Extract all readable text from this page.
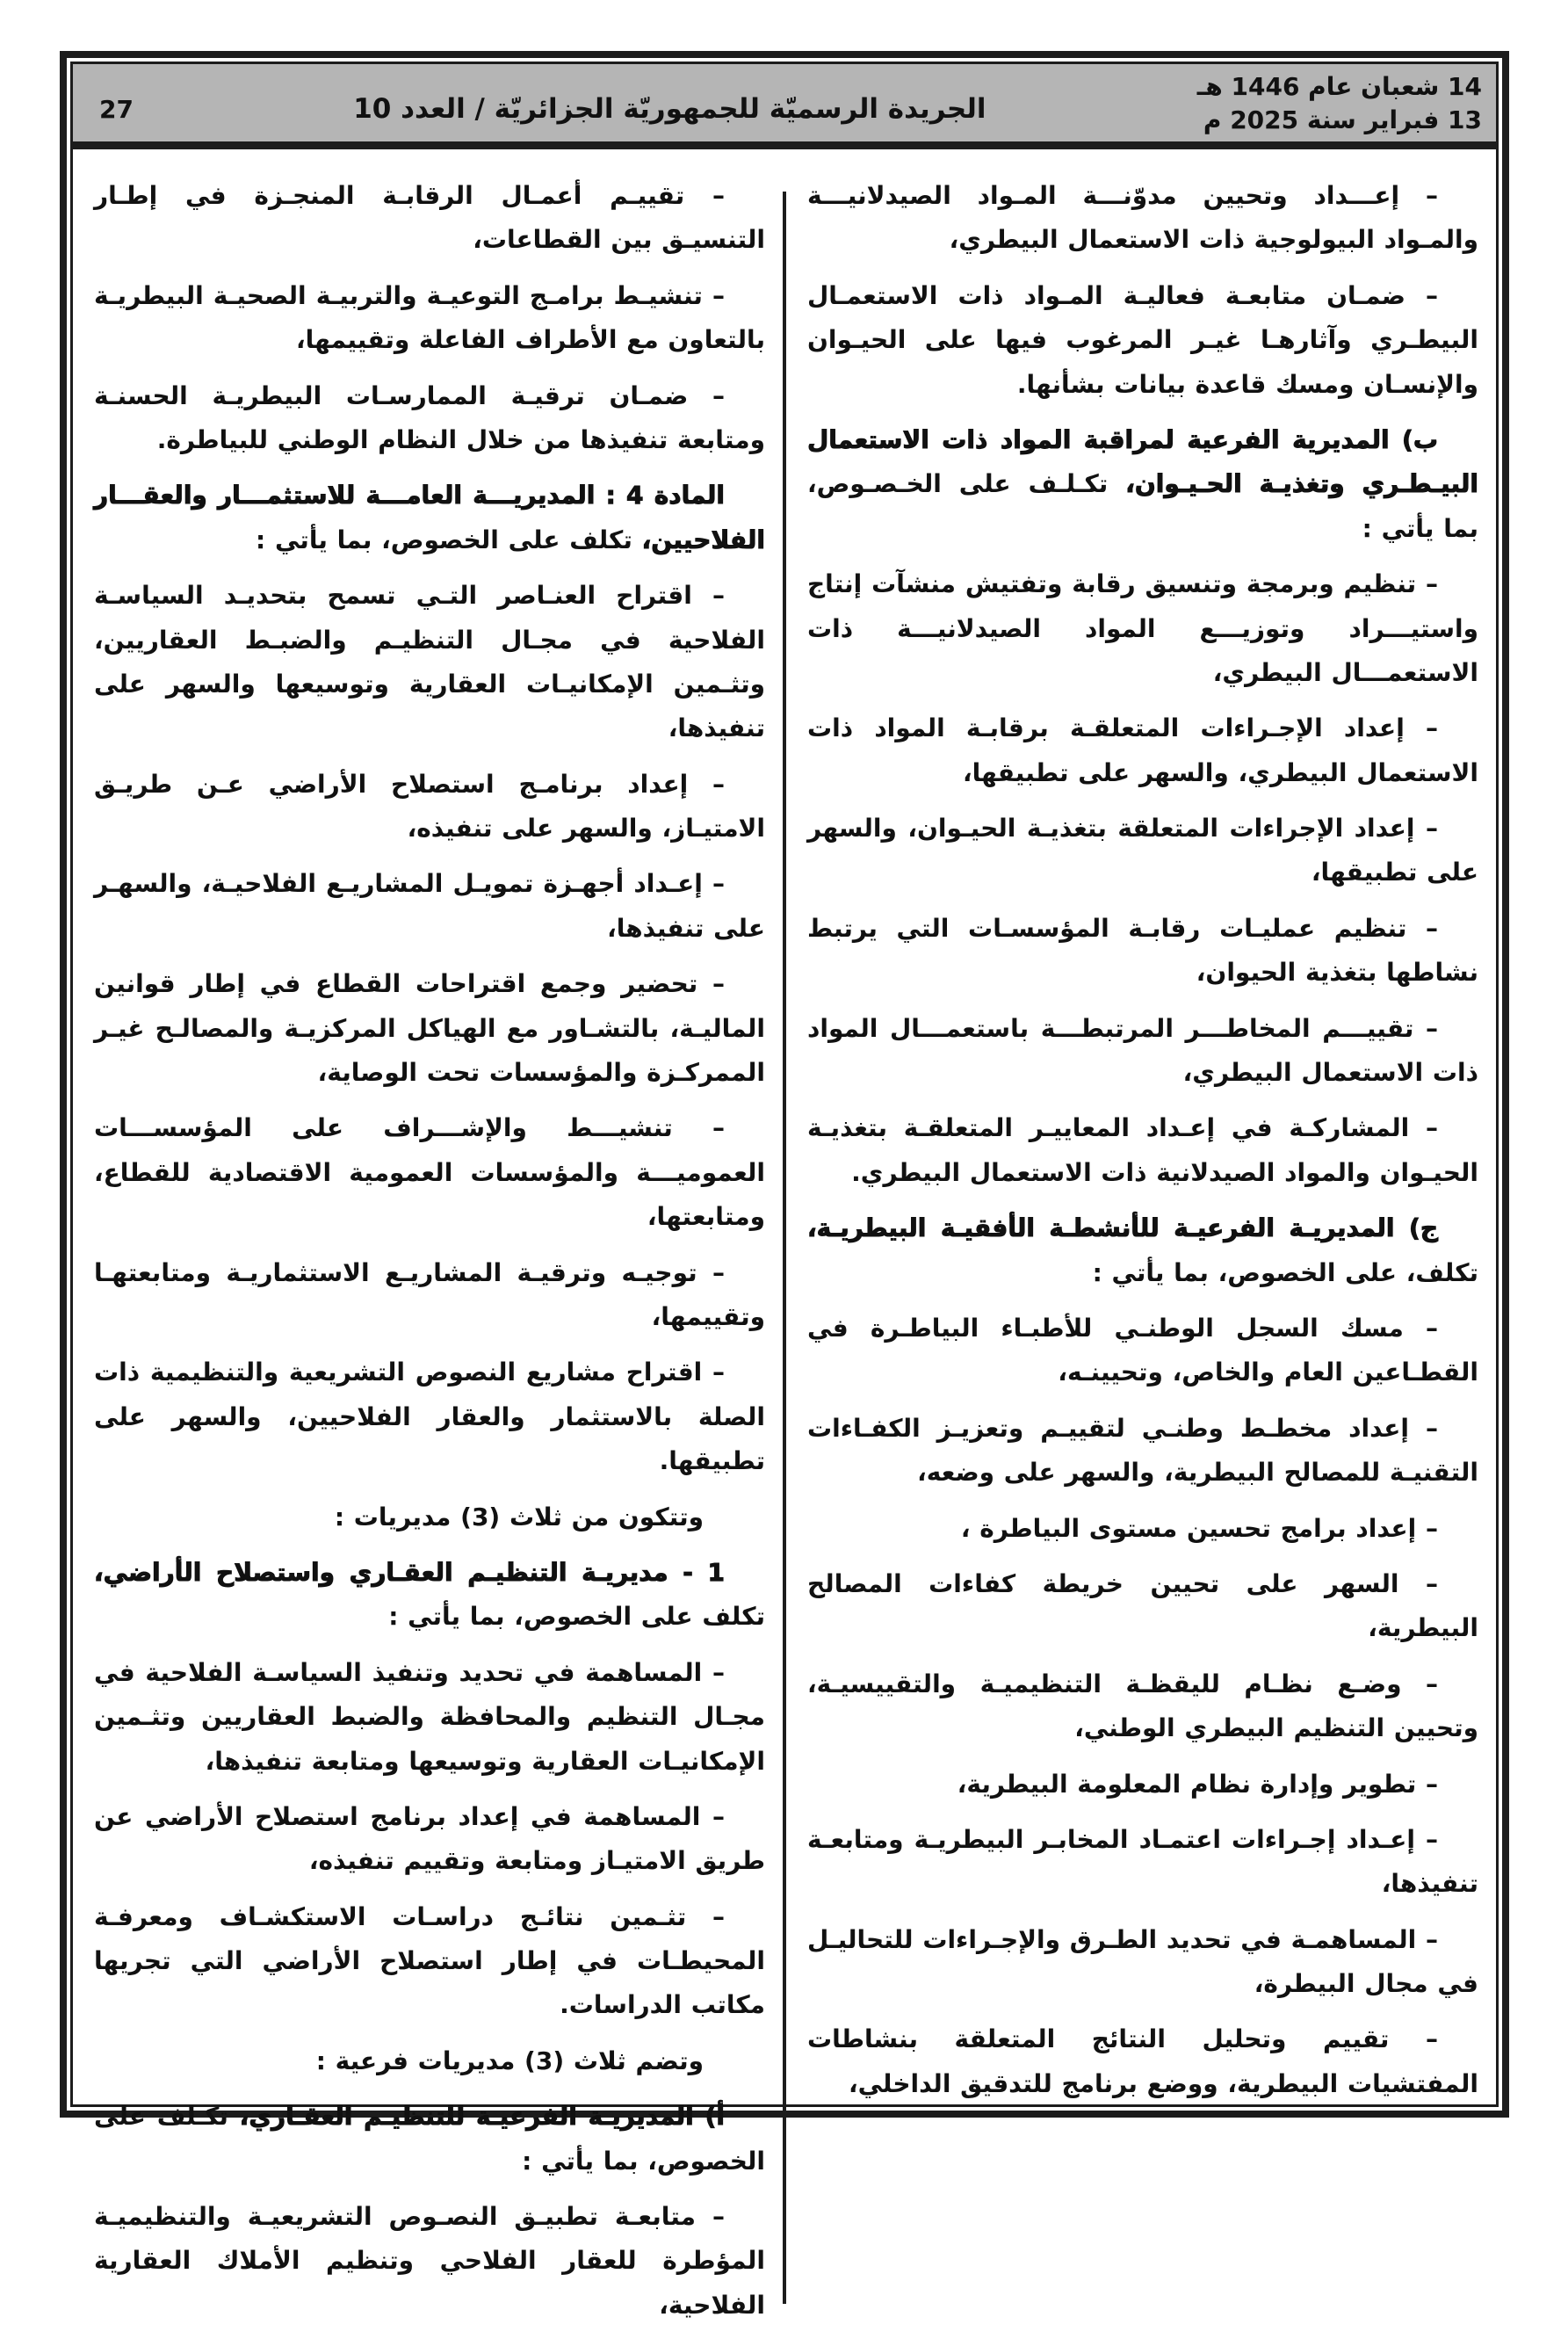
14 شعبان عام 1446 هـ
13 فبراير سنة 2025 م
الجريدة الرسميّة للجمهوريّة الجزائريّة / العدد 10
27

– إعـــداد وتحيين مدوّنـــة المـواد الصيدلانيـــة والمـواد البيولوجية ذات الاستعمال البيطري،

– ضمـان متابعـة فعاليـة المـواد ذات الاستعمـال البيطـري وآثارهـا غيـر المرغوب فيها على الحيـوان والإنسـان ومسك قاعدة بيانات بشأنها.

ب) المديرية الفرعية لمراقبة المواد ذات الاستعمال البيـطـري وتغذيـة الحـيـوان، تكـلـف على الخـصـوص، بما يأتي :

– تنظيم وبرمجة وتنسيق رقابة وتفتيش منشآت إنتاج واستيـــراد وتوزيـــع المواد الصيدلانيـــة ذات الاستعمـــال البيطري،

– إعداد الإجـراءات المتعلقـة برقابـة المواد ذات الاستعمال البيطري، والسهر على تطبيقها،

– إعداد الإجراءات المتعلقة بتغذيـة الحيـوان، والسهر على تطبيقها،

– تنظيم عمليـات رقابـة المؤسسـات التي يرتبط نشاطها بتغذية الحيوان،

– تقييـــم المخاطـــر المرتبطـــة باستعمـــال المواد ذات الاستعمال البيطري،

– المشاركـة في إعـداد المعاييـر المتعلقـة بتغذيـة الحيـوان والمواد الصيدلانية ذات الاستعمال البيطري.

ج) المديريـة الفرعيـة للأنشطـة الأفقيـة البيطريـة، تكلف، على الخصوص، بما يأتي :

– مسك السجل الوطنـي للأطبـاء البياطـرة في القطـاعين العام والخاص، وتحيينـه،

– إعداد مخطـط وطنـي لتقييـم وتعزيـز الكفـاءات التقنيـة للمصالح البيطرية، والسهر على وضعه،

– إعداد برامج تحسين مستوى البياطرة ،

– السهر على تحيين خريطة كفاءات المصالح البيطرية،

– وضـع نظـام لليقظـة التنظيميـة والتقييسيـة، وتحيين التنظيم البيطري الوطني،

– تطوير وإدارة نظام المعلومة البيطرية،

– إعـداد إجـراءات اعتمـاد المخابـر البيطريـة ومتابعـة تنفيذها،

– المساهمـة في تحديد الطـرق والإجـراءات للتحاليـل في مجال البيطرة،

– تقييم وتحليل النتائج المتعلقة بنشاطات المفتشيات البيطرية، ووضع برنامج للتدقيق الداخلي،

– تقييـم أعمـال الرقابـة المنجـزة في إطـار التنسيـق بين القطاعات،

– تنشيـط برامـج التوعيـة والتربيـة الصحيـة البيطريـة بالتعاون مع الأطراف الفاعلة وتقييمها،

– ضمـان ترقيـة الممارسـات البيطريـة الحسنـة ومتابعة تنفيذها من خلال النظام الوطني للبياطرة.

المادة 4 : المديريـــة العامـــة للاستثمـــار والعقـــار الفلاحيين، تكلف على الخصوص، بما يأتي :

– اقتراح العنـاصر التـي تسمح بتحديـد السياسـة الفلاحية في مجـال التنظيـم والضبـط العقاريين، وتثـمين الإمكانيـات العقارية وتوسيعها والسهر على تنفيذها،

– إعداد برنامـج استصلاح الأراضي عـن طريـق الامتيـاز، والسهر على تنفيذه،

– إعـداد أجهـزة تمويـل المشاريـع الفلاحيـة، والسهـر على تنفيذها،

– تحضير وجمع اقتراحات القطاع في إطار قوانين الماليـة، بالتشـاور مع الهياكل المركزيـة والمصالـح غيـر الممركـزة والمؤسسات تحت الوصاية،

– تنشيـــط والإشـــراف على المؤسســـات العموميـــة والمؤسسات العمومية الاقتصادية للقطاع، ومتابعتها،

– توجيـه وترقيـة المشاريـع الاستثماريـة ومتابعتهـا وتقييمها،

– اقتراح مشاريع النصوص التشريعية والتنظيمية ذات الصلة بالاستثمار والعقار الفلاحيين، والسهر على تطبيقها.

وتتكون من ثلاث (3) مديريات :

1 - مديريـة التنظيـم العقـاري واستصلاح الأراضي، تكلف على الخصوص، بما يأتي :

– المساهمة في تحديد وتنفيذ السياسـة الفلاحية في مجـال التنظيم والمحافظة والضبط العقاريين وتثـمين الإمكانيـات العقارية وتوسيعها ومتابعة تنفيذها،

– المساهمة في إعداد برنامج استصلاح الأراضي عن طريق الامتيـاز ومتابعة وتقييم تنفيذه،

– تثـمين نتائـج دراسـات الاستكشـاف ومعرفـة المحيطـات في إطار استصلاح الأراضي التي تجريها مكاتب الدراسات.

وتضم ثلاث (3) مديريات فرعية :

أ) المديريـة الفرعيـة للتنظيـم العقـاري، تكـلف على الخصوص، بما يأتي :

– متابعـة تطبيـق النصـوص التشريعيـة والتنظيميـة المؤطرة للعقار الفلاحي وتنظيم الأملاك العقارية الفلاحية،
